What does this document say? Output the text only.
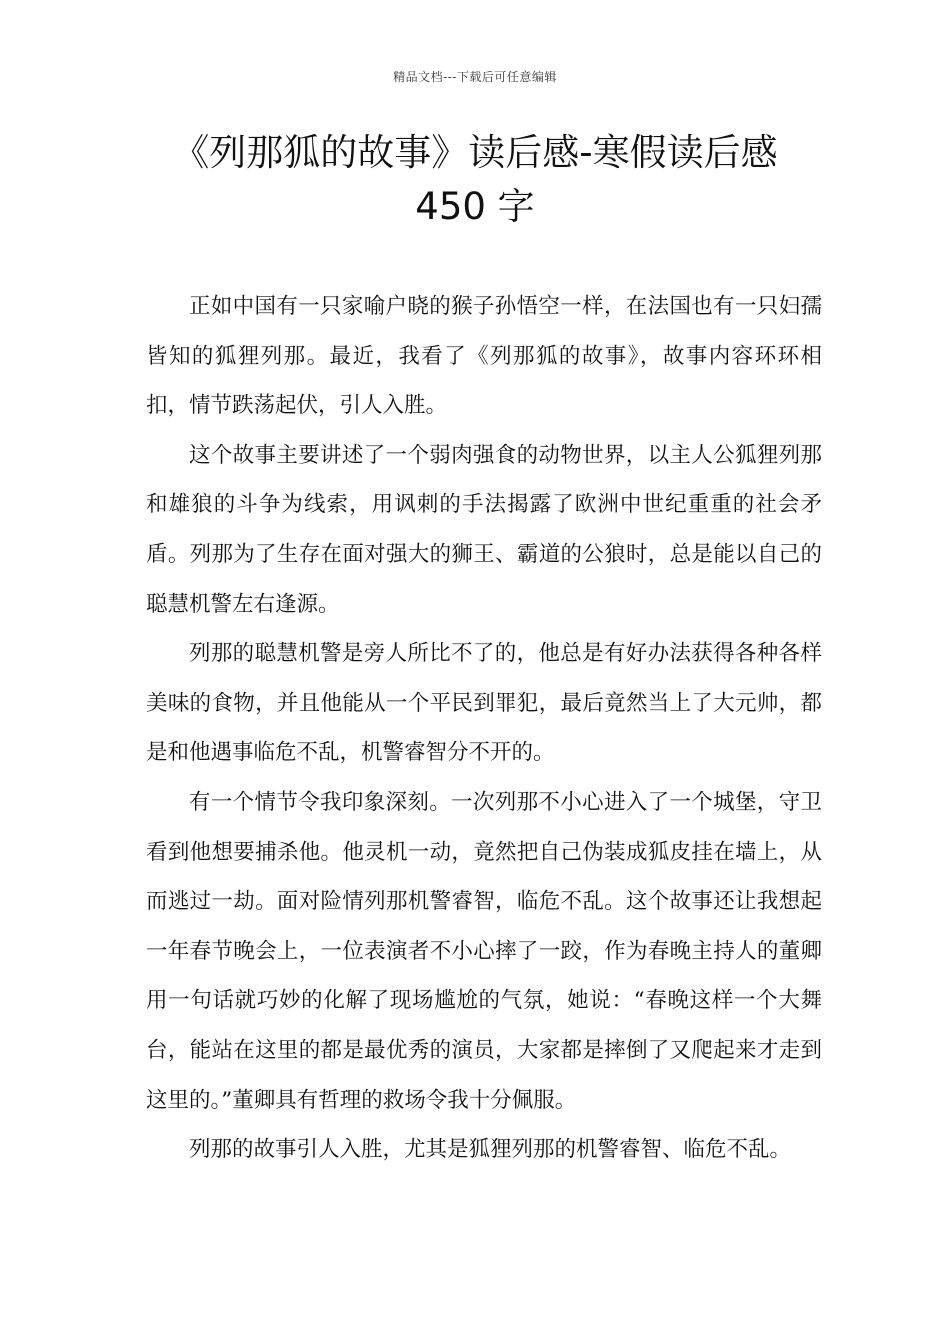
精品文档---下载后可任意编辑
《列那狐的故事》读后感-寒假读后感
450 字

正如中国有一只家喻户晓的猴子孙悟空一样，在法国也有一只妇孺皆知的狐狸列那。最近，我看了《列那狐的故事》，故事内容环环相扣，情节跌荡起伏，引人入胜。

这个故事主要讲述了一个弱肉强食的动物世界，以主人公狐狸列那和雄狼的斗争为线索，用讽刺的手法揭露了欧洲中世纪重重的社会矛盾。列那为了生存在面对强大的狮王、霸道的公狼时，总是能以自己的聪慧机警左右逢源。

列那的聪慧机警是旁人所比不了的，他总是有好办法获得各种各样美味的食物，并且他能从一个平民到罪犯，最后竟然当上了大元帅，都是和他遇事临危不乱，机警睿智分不开的。

有一个情节令我印象深刻。一次列那不小心进入了一个城堡，守卫看到他想要捕杀他。他灵机一动，竟然把自己伪装成狐皮挂在墙上，从而逃过一劫。面对险情列那机警睿智，临危不乱。这个故事还让我想起一年春节晚会上，一位表演者不小心摔了一跤，作为春晚主持人的董卿用一句话就巧妙的化解了现场尴尬的气氛，她说：“春晚这样一个大舞台，能站在这里的都是最优秀的演员，大家都是摔倒了又爬起来才走到这里的。”董卿具有哲理的救场令我十分佩服。

列那的故事引人入胜，尤其是狐狸列那的机警睿智、临危不乱。
